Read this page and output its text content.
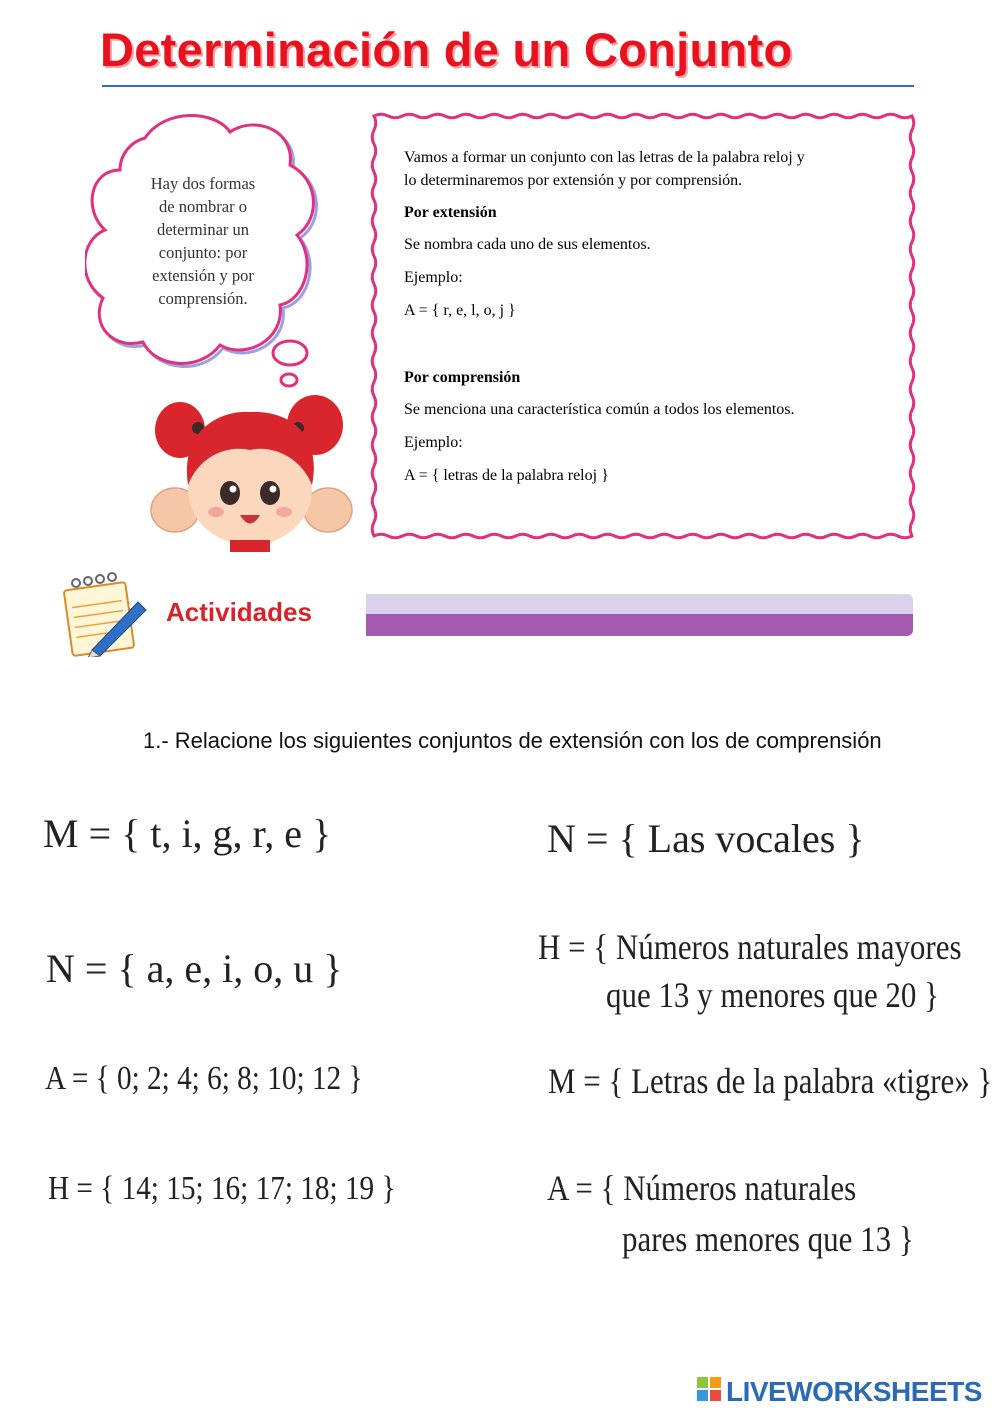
Determinación de un Conjunto
Hay dos formas
de nombrar o
determinar un
conjunto: por
extensión y por
comprensión.
Vamos a formar un conjunto con las letras de la palabra reloj y
lo determinaremos por extensión y por comprensión.
Por extensión
Se nombra cada uno de sus elementos.
Ejemplo:
A = { r, e, l, o, j }
Por comprensión
Se menciona una característica común a todos los elementos.
Ejemplo:
A = { letras de la palabra reloj }
Actividades
1.- Relacione los siguientes conjuntos de extensión con los de comprensión
M = { t, i, g, r, e }
N = { a, e, i, o, u }
A = { 0; 2; 4; 6; 8; 10; 12 }
H = { 14; 15; 16; 17; 18; 19 }
N = { Las vocales }
H = { Números naturales mayores
que 13 y menores que 20 }
M = { Letras de la palabra «tigre» }
A = { Números naturales
pares menores que 13 }
LIVEWORKSHEETS
